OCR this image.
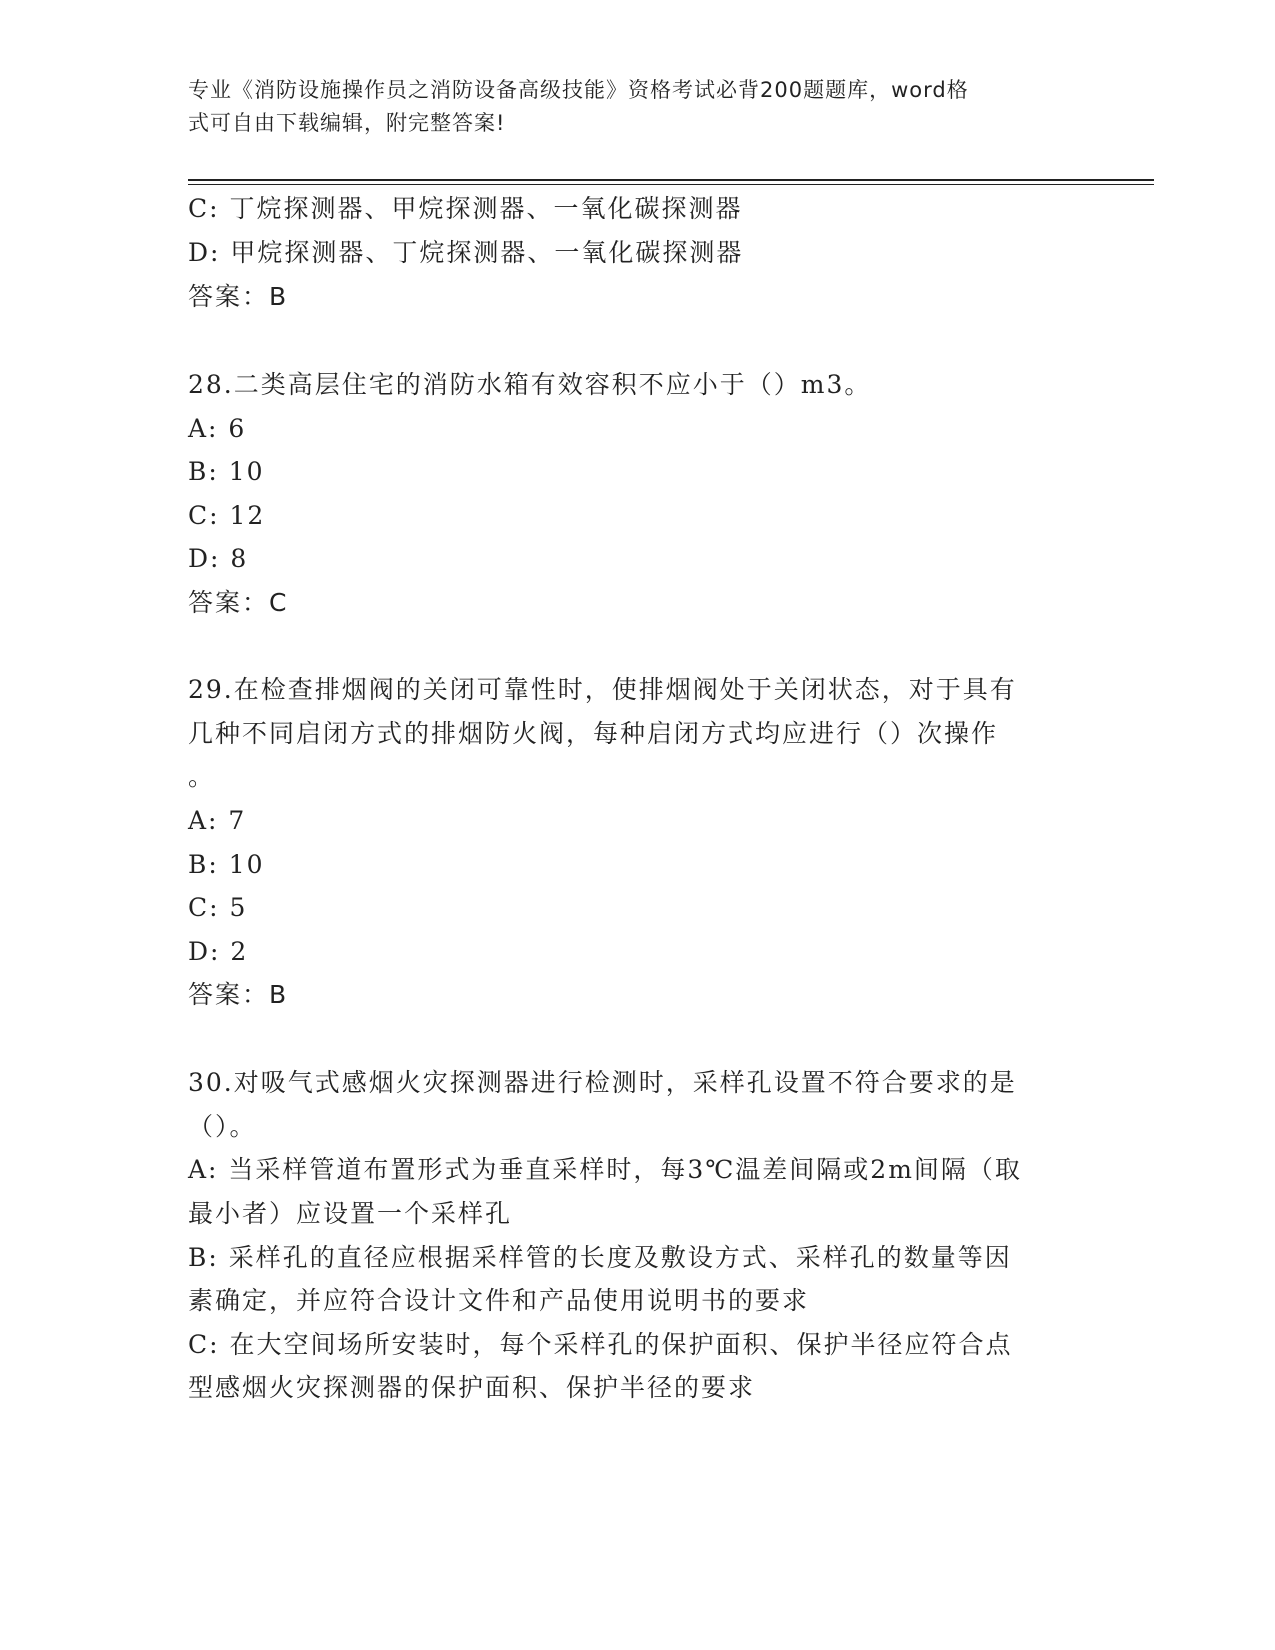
专业《消防设施操作员之消防设备高级技能》资格考试必背200题题库，word格
式可自由下载编辑，附完整答案!
C: 丁烷探测器、甲烷探测器、一氧化碳探测器
D: 甲烷探测器、丁烷探测器、一氧化碳探测器
答案：B
28.二类高层住宅的消防水箱有效容积不应小于（）m3。
A: 6
B: 10
C: 12
D: 8
答案：C
29.在检查排烟阀的关闭可靠性时，使排烟阀处于关闭状态，对于具有
几种不同启闭方式的排烟防火阀，每种启闭方式均应进行（）次操作
。
A: 7
B: 10
C: 5
D: 2
答案：B
30.对吸气式感烟火灾探测器进行检测时，采样孔设置不符合要求的是
（）。
A: 当采样管道布置形式为垂直采样时，每3℃温差间隔或2m间隔（取
最小者）应设置一个采样孔
B: 采样孔的直径应根据采样管的长度及敷设方式、采样孔的数量等因
素确定，并应符合设计文件和产品使用说明书的要求
C: 在大空间场所安装时，每个采样孔的保护面积、保护半径应符合点
型感烟火灾探测器的保护面积、保护半径的要求
